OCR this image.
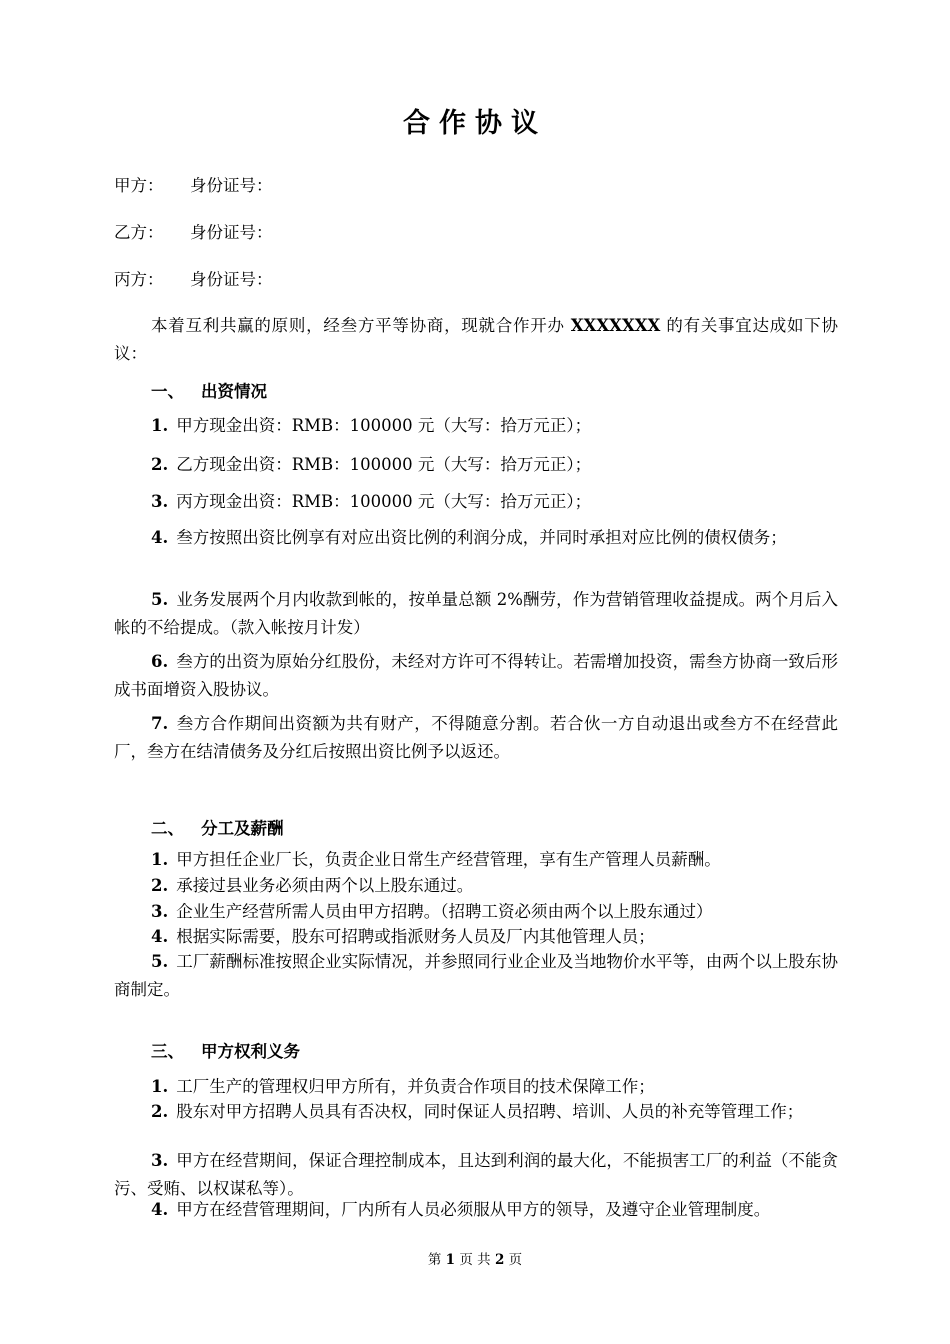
合作协议
甲方： 身份证号：
乙方： 身份证号：
丙方： 身份证号：
本着互利共赢的原则，经叁方平等协商，现就合作开办 XXXXXXX 的有关事宜达成如下协议：
一、 出资情况
1. 甲方现金出资：RMB：100000 元（大写：拾万元正）；
2. 乙方现金出资：RMB：100000 元（大写：拾万元正）；
3. 丙方现金出资：RMB：100000 元（大写：拾万元正）；
4. 叁方按照出资比例享有对应出资比例的利润分成，并同时承担对应比例的债权债务；
5. 业务发展两个月内收款到帐的，按单量总额 2%酬劳，作为营销管理收益提成。两个月后入帐的不给提成。（款入帐按月计发）
6. 叁方的出资为原始分红股份，未经对方许可不得转让。若需增加投资，需叁方协商一致后形成书面增资入股协议。
7. 叁方合作期间出资额为共有财产，不得随意分割。若合伙一方自动退出或叁方不在经营此厂，叁方在结清债务及分红后按照出资比例予以返还。
二、 分工及薪酬
1. 甲方担任企业厂长，负责企业日常生产经营管理，享有生产管理人员薪酬。
2. 承接过县业务必须由两个以上股东通过。
3. 企业生产经营所需人员由甲方招聘。（招聘工资必须由两个以上股东通过）
4. 根据实际需要，股东可招聘或指派财务人员及厂内其他管理人员；
5. 工厂薪酬标准按照企业实际情况，并参照同行业企业及当地物价水平等，由两个以上股东协商制定。
三、 甲方权利义务
1. 工厂生产的管理权归甲方所有，并负责合作项目的技术保障工作；
2. 股东对甲方招聘人员具有否决权，同时保证人员招聘、培训、人员的补充等管理工作；
3. 甲方在经营期间，保证合理控制成本，且达到利润的最大化，不能损害工厂的利益（不能贪污、受贿、以权谋私等）。
4. 甲方在经营管理期间，厂内所有人员必须服从甲方的领导，及遵守企业管理制度。
第 1 页 共 2 页
